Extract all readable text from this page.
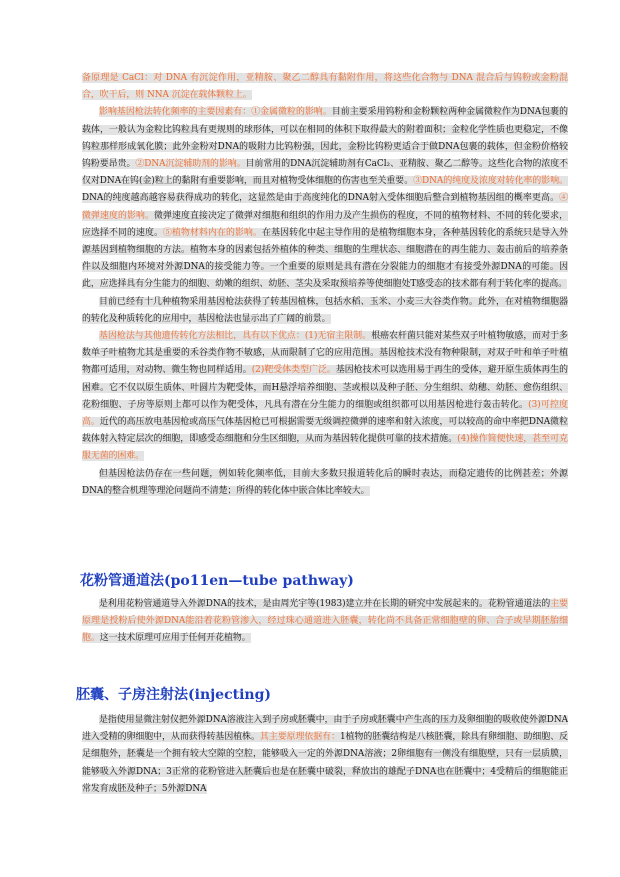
备原理是 CaCl：对 DNA 有沉淀作用，亚精胺、聚乙二醇具有黏附作用，将这些化合物与 DNA 混合后与钨粉或金粉混合，吹干后，则 NNA 沉淀在载体颗粒上。

影响基因枪法转化频率的主要因素有：①金属微粒的影响。目前主要采用钨粉和金粉颗粒两种金属微粒作为DNA包裹的载体，一般认为金粒比钨粒具有更规则的球形体，可以在相同的体积下取得最大的附着面积；金粒化学性质也更稳定，不像钨粒那样形成氧化膜；此外金粉对DNA的吸附力比钨粉强，因此，金粉比钨粉更适合于做DNA包裹的载体，但金粉价格较钨粉要昂贵。②DNA沉淀辅助剂的影响。目前常用的DNA沉淀辅助剂有CaCl₂、亚精胺、聚乙二醇等。这些化合物的浓度不仅对DNA在钨(金)粒上的黏附有重要影响，而且对植物受体细胞的伤害也至关重要。③DNA的纯度及浓度对转化率的影响。DNA的纯度越高越容易获得成功的转化，这显然是由于高度纯化的DNA射入受体细胞后整合到植物基因组的概率更高。④微弹速度的影响。微弹速度直接决定了微弹对细胞和组织的作用力及产生损伤的程度，不同的植物材料、不同的转化要求，应选择不同的速度。⑤植物材料内在的影响。在基因转化中起主导作用的是植物细胞本身，各种基因转化的系统只是导入外源基因到植物细胞的方法。植物本身的因素包括外植体的种类、细胞的生理状态、细胞潜在的再生能力、轰击前后的培养条件以及细胞内环境对外源DNA的接受能力等。一个重要的原则是具有潜在分裂能力的细胞才有接受外源DNA的可能。因此，应选择具有分生能力的细胞、幼嫩的组织、幼胚、茎尖及采取预培养等使细胞处T感受态的技术都有利于转化率的提高。

目前已经有十几种植物采用基因枪法获得了转基因植株，包括水稻、玉米、小麦三大谷类作物。此外，在对植物细胞器的转化及种质转化的应用中，基因枪法也显示出了广阔的前景。

基因枪法与其他遗传转化方法相比，具有以下优点：(1)无宿主限制。根癌农杆菌只能对某些双子叶植物敏感，而对于多数单子叶植物尤其是重要的禾谷类作物不敏感，从而限制了它的应用范围。基因枪技术没有物种限制，对双子叶和单子叶植物都可适用，对动物、微生物也同样适用。(2)靶受体类型广泛。基因枪技术可以选用易于再生的受体，避开原生质体再生的困难。它不仅以原生质体、叶圆片为靶受体，而H悬浮培养细胞、茎或根以及种子胚、分生组织、幼穗、幼胚、愈伤组织、花粉细胞、子房等原则上都可以作为靶受体，凡具有潜在分生能力的细胞或组织都可以用基因枪进行轰击转化。(3)可控度高。近代的高压放电基因枪或高压气体基因枪已可根据需要无级调控微弹的速率和射入浓度，可以较高的命中率把DNA微粒载体射入特定层次的细胞，即感受态细胞和分生区细胞，从而为基因转化提供可靠的技术措施。(4)操作简便快速，甚至可克服无菌的困难。

但基因枪法仍存在一些问题，例如转化频率低，目前大多数只报道转化后的瞬时表达，而稳定遗传的比例甚差；外源DNA的整合机理等理沦问题尚不清楚；所得的转化体中嵌合体比率较大。

花粉管通道法(po11en—tube pathway)

是利用花粉管通道导入外源DNA的技术，是由周光宇等(1983)建立并在长期的研究中发展起来的。花粉管通道法的主要原理是授粉后使外源DNA能沿着花粉管渗入，经过珠心通道进入胚囊，转化尚不具备正常细胞壁的卵、合子或早期胚胎细胞。这一技术原理可应用于任何开花植物。

胚囊、子房注射法(injecting)

是指使用显微注射仪把外源DNA溶液注入到子房或胚囊中，由于子房或胚囊中产生高的压力及卵细胞的吸收使外源DNA进入受精的卵细胞中，从而获得转基因植株。其主要原理依据有：1植物的胚囊结构是八核胚囊，除具有卵细胞、助细胞、反足细胞外，胚囊是一个拥有较大空隙的空腔，能够吸入一定的外源DNA溶液；2卵细胞有一侧没有细胞壁，只有一层质膜，能够吸入外源DNA；3正常的花粉管进入胚囊后也是在胚囊中破裂，释放出的雄配子DNA也在胚囊中；4受精后的细胞能正常发育成胚及种子；5外源DNA
